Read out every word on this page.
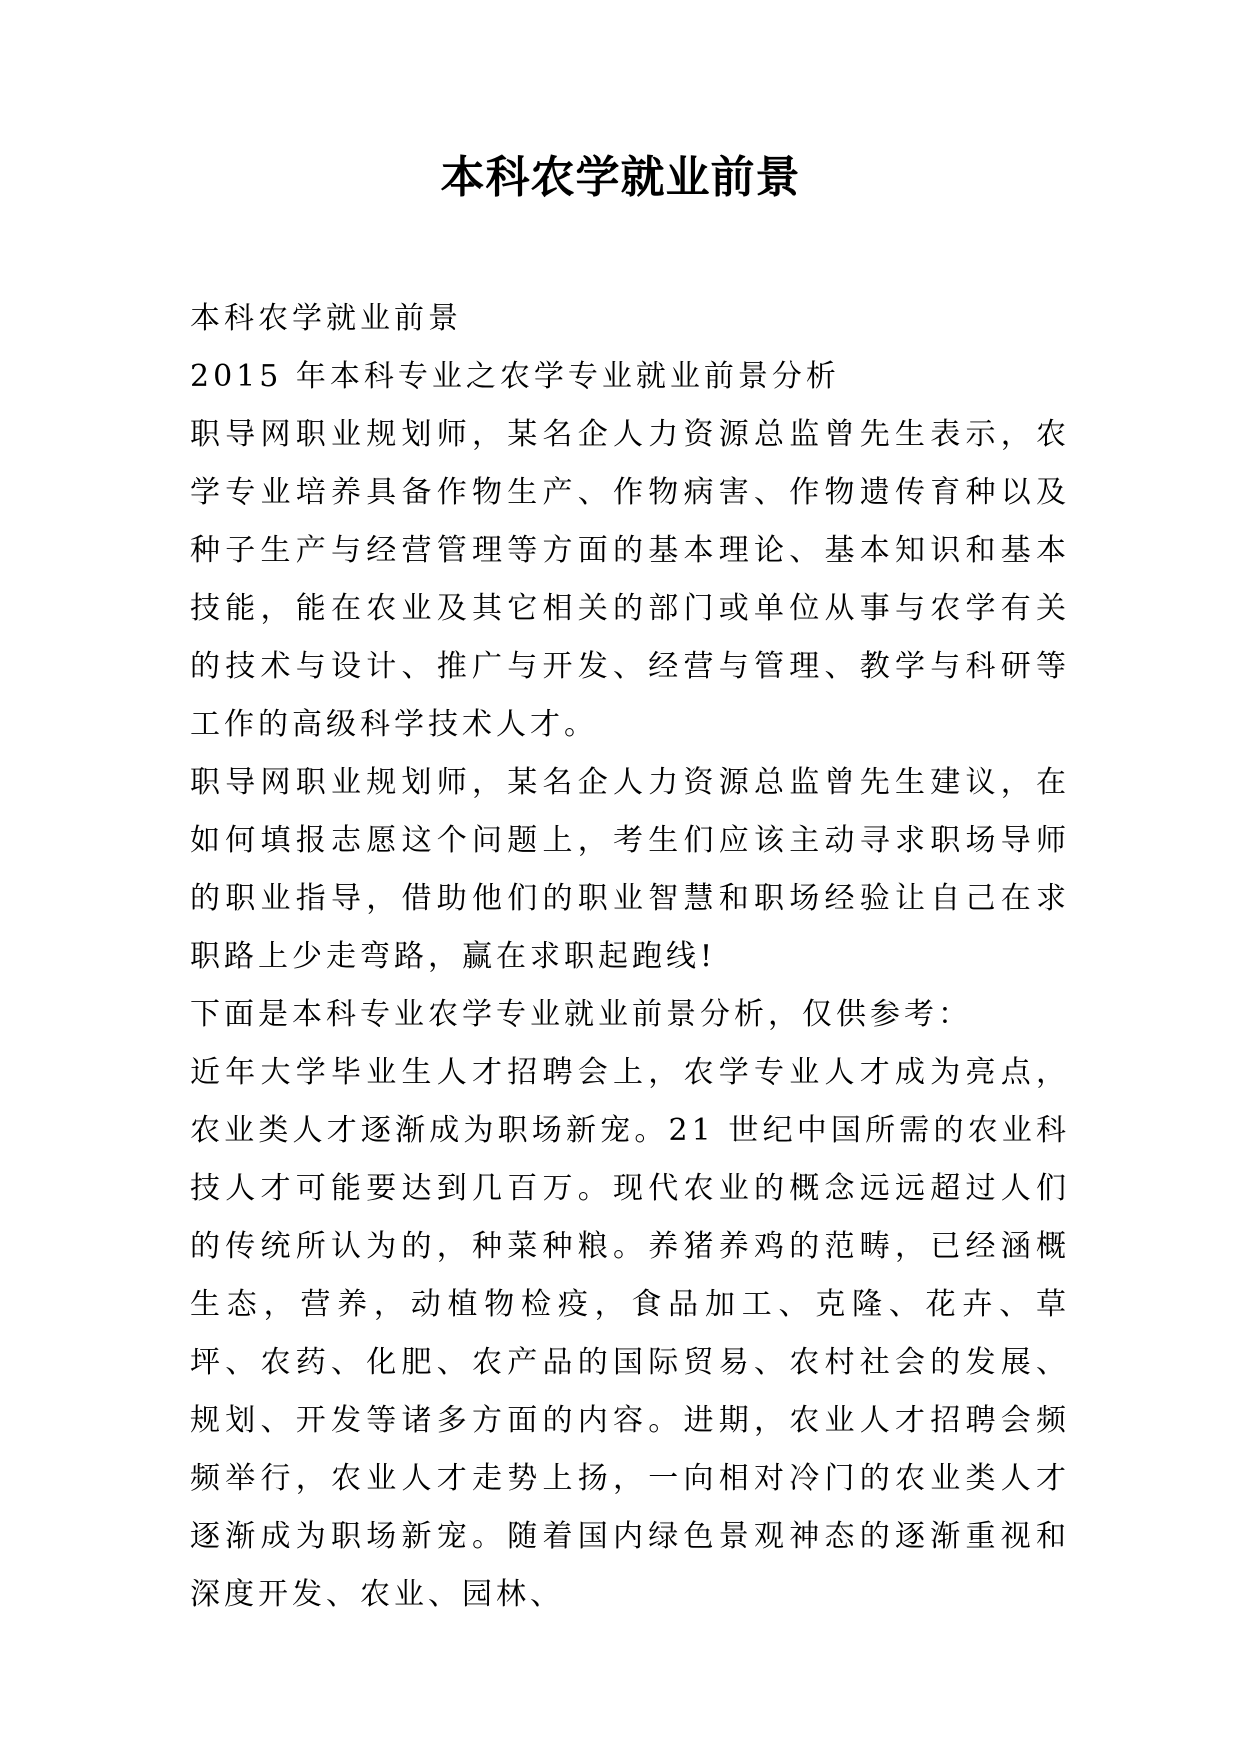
本科农学就业前景

本科农学就业前景

2015 年本科专业之农学专业就业前景分析

职导网职业规划师，某名企人力资源总监曾先生表示，农学专业培养具备作物生产、作物病害、作物遗传育种以及种子生产与经营管理等方面的基本理论、基本知识和基本技能，能在农业及其它相关的部门或单位从事与农学有关的技术与设计、推广与开发、经营与管理、教学与科研等工作的高级科学技术人才。

职导网职业规划师，某名企人力资源总监曾先生建议，在如何填报志愿这个问题上，考生们应该主动寻求职场导师的职业指导，借助他们的职业智慧和职场经验让自己在求职路上少走弯路，赢在求职起跑线!

下面是本科专业农学专业就业前景分析，仅供参考：

近年大学毕业生人才招聘会上，农学专业人才成为亮点，农业类人才逐渐成为职场新宠。21 世纪中国所需的农业科技人才可能要达到几百万。现代农业的概念远远超过人们的传统所认为的，种菜种粮。养猪养鸡的范畴，已经涵概生态，营养，动植物检疫，食品加工、克隆、花卉、草坪、农药、化肥、农产品的国际贸易、农村社会的发展、规划、开发等诸多方面的内容。进期，农业人才招聘会频频举行，农业人才走势上扬，一向相对冷门的农业类人才逐渐成为职场新宠。随着国内绿色景观神态的逐渐重视和深度开发、农业、园林、
